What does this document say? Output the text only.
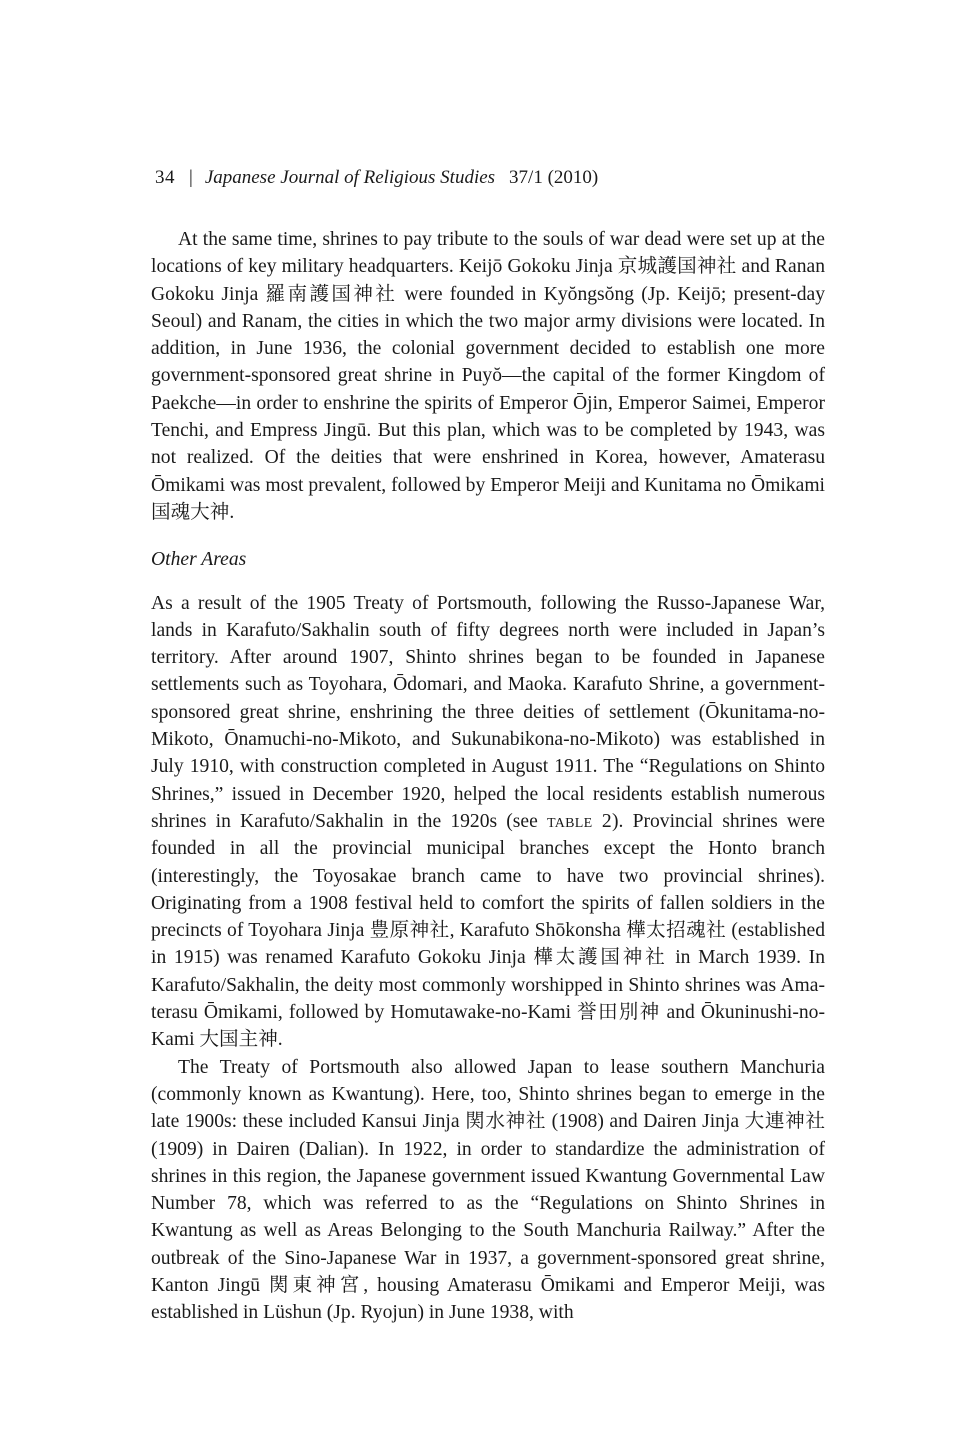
34 | Japanese Journal of Religious Studies 37/1 (2010)

At the same time, shrines to pay tribute to the souls of war dead were set up at the locations of key military headquarters. Keijō Gokoku Jinja 京城護国神社 and Ranan Gokoku Jinja 羅南護国神社 were founded in Kyŏngsŏng (Jp. Keijō; present-day Seoul) and Ranam, the cities in which the two major army divisions were located. In addition, in June 1936, the colonial government decided to establish one more government-sponsored great shrine in Puyŏ—the capital of the former Kingdom of Paekche—in order to enshrine the spirits of Emperor Ōjin, Emperor Saimei, Emperor Tenchi, and Empress Jingū. But this plan, which was to be completed by 1943, was not realized. Of the deities that were enshrined in Korea, however, Amaterasu Ōmikami was most prevalent, followed by Emperor Meiji and Kunitama no Ōmikami 国魂大神.

Other Areas

As a result of the 1905 Treaty of Portsmouth, following the Russo-Japanese War, lands in Karafuto/Sakhalin south of fifty degrees north were included in Japan’s territory. After around 1907, Shinto shrines began to be founded in Japanese settlements such as Toyohara, Ōdomari, and Maoka. Karafuto Shrine, a government-sponsored great shrine, enshrining the three deities of settlement (Ōkunitama-no-Mikoto, Ōnamuchi-no-Mikoto, and Sukunabikona-no-Mikoto) was established in July 1910, with construction completed in August 1911. The “Regulations on Shinto Shrines,” issued in December 1920, helped the local residents establish numerous shrines in Karafuto/Sakhalin in the 1920s (see table 2). Provincial shrines were founded in all the provincial municipal branches except the Honto branch (interestingly, the Toyosakae branch came to have two provincial shrines). Originating from a 1908 festival held to comfort the spirits of fallen soldiers in the precincts of Toyohara Jinja 豊原神社, Karafuto Shōkonsha 樺太招魂社 (established in 1915) was renamed Karafuto Gokoku Jinja 樺太護国神社 in March 1939. In Karafuto/Sakhalin, the deity most commonly worshipped in Shinto shrines was Ama-terasu Ōmikami, followed by Homutawake-no-Kami 誉田別神 and Ōkuninushi-no-Kami 大国主神.

The Treaty of Portsmouth also allowed Japan to lease southern Manchuria (commonly known as Kwantung). Here, too, Shinto shrines began to emerge in the late 1900s: these included Kansui Jinja 関水神社 (1908) and Dairen Jinja 大連神社 (1909) in Dairen (Dalian). In 1922, in order to standardize the administration of shrines in this region, the Japanese government issued Kwantung Governmental Law Number 78, which was referred to as the “Regulations on Shinto Shrines in Kwantung as well as Areas Belonging to the South Manchuria Railway.” After the outbreak of the Sino-Japanese War in 1937, a government-sponsored great shrine, Kanton Jingū 関東神宮, housing Amaterasu Ōmikami and Emperor Meiji, was established in Lüshun (Jp. Ryojun) in June 1938, with
